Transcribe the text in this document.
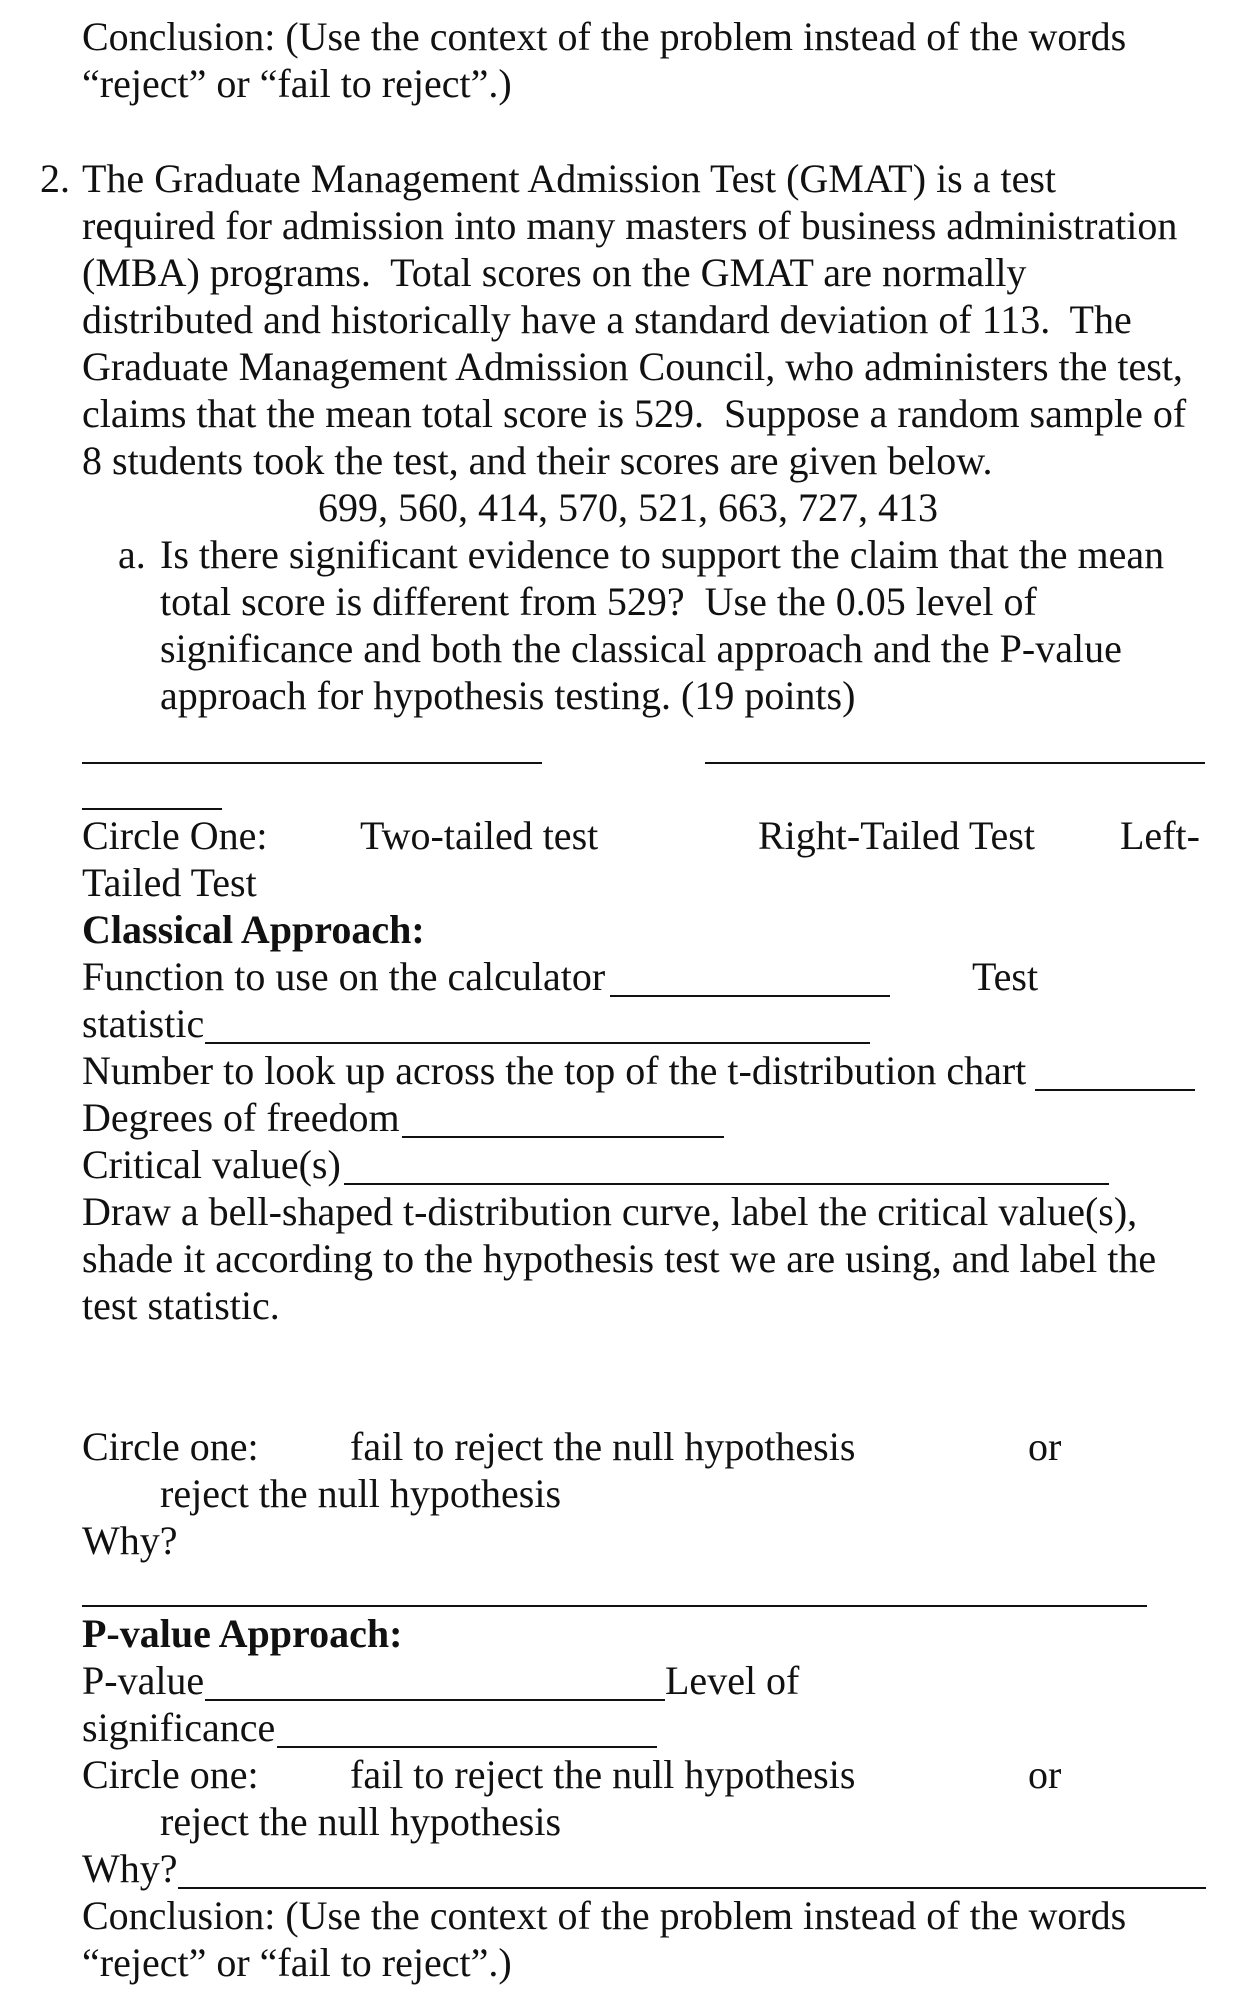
Conclusion: (Use the context of the problem instead of the words
“reject” or “fail to reject”.)
2. The Graduate Management Admission Test (GMAT) is a test
required for admission into many masters of business administration
(MBA) programs.  Total scores on the GMAT are normally
distributed and historically have a standard deviation of 113.  The
Graduate Management Admission Council, who administers the test,
claims that the mean total score is 529.  Suppose a random sample of
8 students took the test, and their scores are given below.
699, 560, 414, 570, 521, 663, 727, 413
a. Is there significant evidence to support the claim that the mean
total score is different from 529?  Use the 0.05 level of
significance and both the classical approach and the P-value
approach for hypothesis testing. (19 points)
Circle One: Two-tailed test	Right-Tailed Test Left-
Tailed Test
Classical Approach:
Function to use on the calculator	Test
statistic
Number to look up across the top of the t-distribution chart
Degrees of freedom
Critical value(s)
Draw a bell-shaped t-distribution curve, label the critical value(s),
shade it according to the hypothesis test we are using, and label the
test statistic.
Circle one: fail to reject the null hypothesis	or
reject the null hypothesis
Why?
P-value Approach:
P-value	Level of
significance
Circle one: fail to reject the null hypothesis	or
reject the null hypothesis
Why?
Conclusion: (Use the context of the problem instead of the words
“reject” or “fail to reject”.)
